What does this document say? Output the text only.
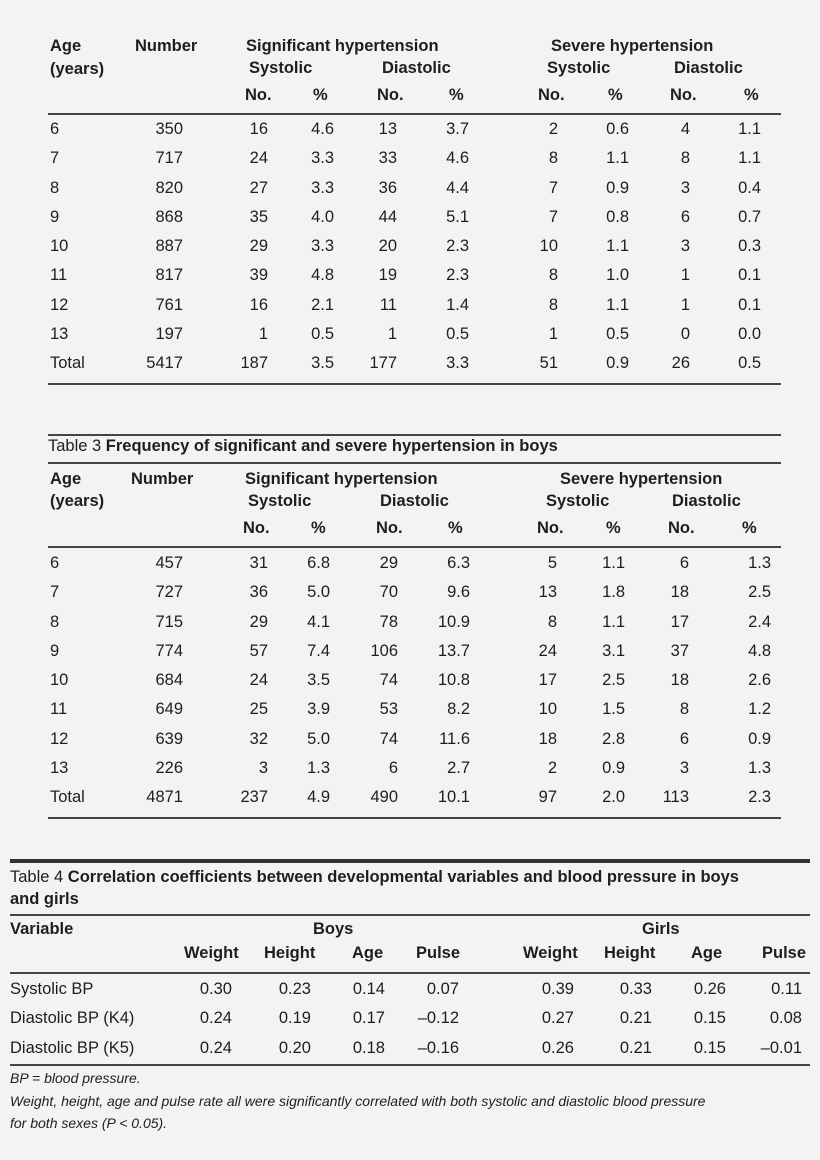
Age
(years)
Number	Significant hypertension	Severe hypertension
Systolic	Diastolic	Systolic	Diastolic
No.	%	No.	%	No.	%	No.	%
6	350	16	4.6	13	3.7	2	0.6	4	1.1
7	717	24	3.3	33	4.6	8	1.1	8	1.1
8	820	27	3.3	36	4.4	7	0.9	3	0.4
9	868	35	4.0	44	5.1	7	0.8	6	0.7
10	887	29	3.3	20	2.3	10	1.1	3	0.3
11	817	39	4.8	19	2.3	8	1.0	1	0.1
12	761	16	2.1	11	1.4	8	1.1	1	0.1
13	197	1	0.5	1	0.5	1	0.5	0	0.0
Total	5417	187	3.5 177	3.3	51	0.9	26	0.5
Table 3 Frequency of significant and severe hypertension in boys
Age
(years)
Number	Significant hypertension	Severe hypertension
Systolic	Diastolic	Systolic	Diastolic
No.	%	No.	%	No.	%	No.	%
6	457	31 6.8	29	6.3	5	1.1	6	1.3
7	727	36 5.0	70	9.6	13	1.8	18	2.5
8	715	29 4.1	78 10.9	8	1.1	17	2.4
9	774	57 7.4 106 13.7	24	3.1	37	4.8
10	684	24 3.5	74 10.8	17	2.5	18	2.6
11	649	25 3.9	53	8.2	10	1.5	8	1.2
12	639	32 5.0	74 11.6	18	2.8	6	0.9
13	226	3 1.3	6	2.7	2	0.9	3	1.3
Total	4871	237 4.9 490 10.1	97	2.0 113	2.3
Table 4 Correlation coefficients between developmental variables and blood pressure in boys
and girls
Variable	Boys	Girls
Weight Height Age Pulse	Weight Height Age Pulse
Systolic BP	0.30	0.23	0.14	0.07	0.39	0.33	0.26	0.11
Diastolic BP (K4)	0.24	0.19	0.17 –0.12	0.27	0.21	0.15	0.08
Diastolic BP (K5)	0.24	0.20	0.18 –0.16	0.26	0.21	0.15 –0.01
BP = blood pressure.
Weight, height, age and pulse rate all were significantly correlated with both systolic and diastolic blood pressure
for both sexes (P < 0.05).
